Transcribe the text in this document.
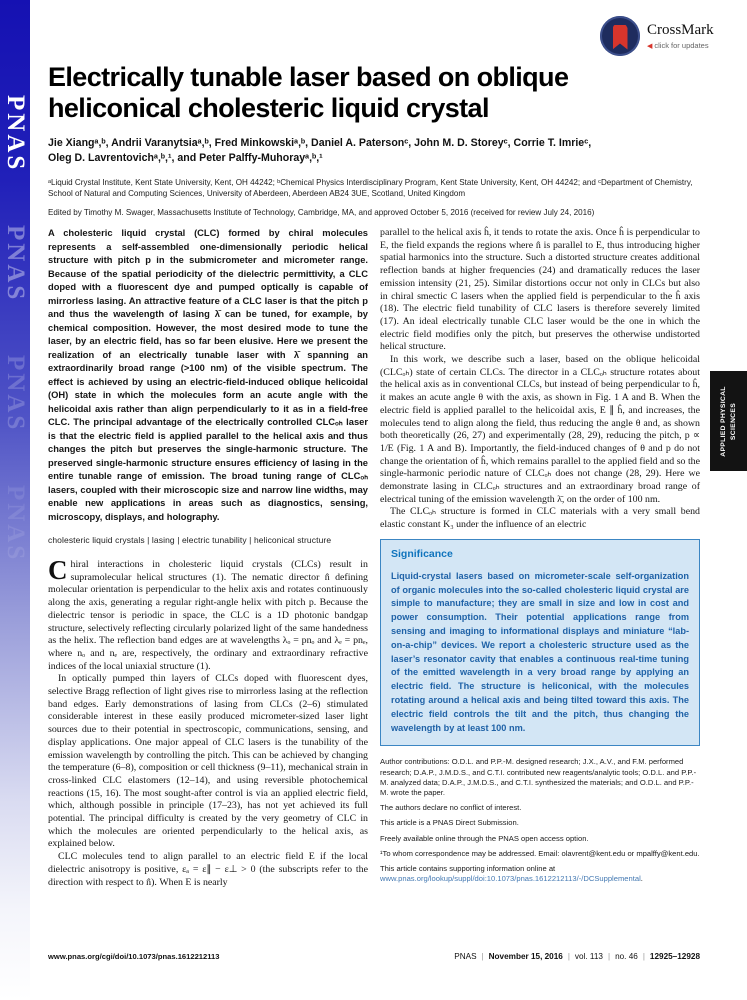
PNAS
PNAS
PNAS
PNAS
APPLIED PHYSICAL SCIENCES
CrossMark
◀ click for updates
Electrically tunable laser based on oblique heliconical cholesteric liquid crystal
Jie Xiangᵃ,ᵇ, Andrii Varanytsiaᵃ,ᵇ, Fred Minkowskiᵃ,ᵇ, Daniel A. Patersonᶜ, John M. D. Storeyᶜ, Corrie T. Imrieᶜ,
Oleg D. Lavrentovichᵃ,ᵇ,¹, and Peter Palffy-Muhorayᵃ,ᵇ,¹
ᵃLiquid Crystal Institute, Kent State University, Kent, OH 44242; ᵇChemical Physics Interdisciplinary Program, Kent State University, Kent, OH 44242; and ᶜDepartment of Chemistry, School of Natural and Computing Sciences, University of Aberdeen, Aberdeen AB24 3UE, Scotland, United Kingdom
Edited by Timothy M. Swager, Massachusetts Institute of Technology, Cambridge, MA, and approved October 5, 2016 (received for review July 24, 2016)

A cholesteric liquid crystal (CLC) formed by chiral molecules represents a self-assembled one-dimensionally periodic helical structure with pitch p in the submicrometer and micrometer range. Because of the spatial periodicity of the dielectric permittivity, a CLC doped with a fluorescent dye and pumped optically is capable of mirrorless lasing. An attractive feature of a CLC laser is that the pitch p and thus the wavelength of lasing λ̄ can be tuned, for example, by chemical composition. However, the most desired mode to tune the laser, by an electric field, has so far been elusive. Here we present the realization of an electrically tunable laser with λ̄ spanning an extraordinarily broad range (>100 nm) of the visible spectrum. The effect is achieved by using an electric-field-induced oblique helicoidal (OH) state in which the molecules form an acute angle with the helicoidal axis rather than align perpendicularly to it as in a field-free CLC. The principal advantage of the electrically controlled CLCₒₕ laser is that the electric field is applied parallel to the helical axis and thus changes the pitch but preserves the single-harmonic structure. The preserved single-harmonic structure ensures efficiency of lasing in the entire tunable range of emission. The broad tuning range of CLCₒₕ lasers, coupled with their microscopic size and narrow line widths, may enable new applications in areas such as diagnostics, sensing, microscopy, displays, and holography.

cholesteric liquid crystals | lasing | electric tunability | heliconical structure

Chiral interactions in cholesteric liquid crystals (CLCs) result in supramolecular helical structures (1). The nematic director n̂ defining molecular orientation is perpendicular to the helix axis and rotates continuously along the axis, generating a regular right-angle helix with pitch p. Because the dielectric tensor is periodic in space, the CLC is a 1D photonic bandgap structure, selectively reflecting circularly polarized light of the same handedness as the helix. The reflection band edges are at wavelengths λₒ = pnₒ and λₑ = pnₑ, where nₒ and nₑ are, respectively, the ordinary and extraordinary refractive indices of the local uniaxial structure (1).

In optically pumped thin layers of CLCs doped with fluorescent dyes, selective Bragg reflection of light gives rise to mirrorless lasing at the reflection band edges. Early demonstrations of lasing from CLCs (2–6) stimulated considerable interest in these easily produced micrometer-sized laser light sources due to their potential in spectroscopic, communications, sensing, and display applications. One major appeal of CLC lasers is the tunability of the emission wavelength by controlling the pitch. This can be achieved by changing the temperature (6–8), composition or cell thickness (9–11), mechanical strain in cross-linked CLC elastomers (12–14), and using reversible photochemical reactions (15, 16). The most sought-after control is via an applied electric field, which, although possible in principle (17–23), has not yet achieved its full potential. The principal difficulty is created by the very geometry of CLC in which the molecules are oriented perpendicularly to the helical axis, as explained below.

CLC molecules tend to align parallel to an electric field E if the local dielectric anisotropy is positive, εₐ = ε∥ − ε⊥ > 0 (the subscripts refer to the direction with respect to n̂). When E is nearly

parallel to the helical axis ĥ, it tends to rotate the axis. Once ĥ is perpendicular to E, the field expands the regions where n̂ is parallel to E, thus introducing higher spatial harmonics into the structure. Such a distorted structure creates additional reflection bands at higher frequencies (24) and dramatically reduces the laser emission intensity (21, 25). Similar distortions occur not only in CLCs but also in chiral smectic C lasers when the applied field is perpendicular to the ĥ axis (18). The electric field tunability of CLC lasers is therefore severely limited (17). An ideal electrically tunable CLC laser would be the one in which the electric field modifies only the pitch, but preserves the otherwise undistorted helical structure.

In this work, we describe such a laser, based on the oblique helicoidal (CLCₒₕ) state of certain CLCs. The director in a CLCₒₕ structure rotates about the helical axis as in conventional CLCs, but instead of being perpendicular to ĥ, it makes an acute angle θ with the axis, as shown in Fig. 1 A and B. When the electric field is applied parallel to the helicoidal axis, E ∥ ĥ, and increases, the molecules tend to align along the field, thus reducing the angle θ and, as shown both theoretically (26, 27) and experimentally (28, 29), reducing the pitch, p ∝ 1/E (Fig. 1 A and B). Importantly, the field-induced changes of θ and p do not change the orientation of ĥ, which remains parallel to the applied field and so the single-harmonic periodic nature of CLCₒₕ does not change (28, 29). Here we demonstrate lasing in CLCₒₕ structures and an extraordinary broad range of electrical tuning of the emission wavelength λ̄, on the order of 100 nm.

The CLCₒₕ structure is formed in CLC materials with a very small bend elastic constant K₃ under the influence of an electric

Significance

Liquid-crystal lasers based on micrometer-scale self-organization of organic molecules into the so-called cholesteric liquid crystal are simple to manufacture; they are small in size and low in cost and power consumption. Their potential applications range from sensing and imaging to informational displays and miniature “lab-on-a-chip” devices. We report a cholesteric structure used as the laser’s resonator cavity that enables a continuous real-time tuning of the emitted wavelength in a very broad range by applying an electric field. The structure is heliconical, with the molecules rotating around a helical axis and being tilted toward this axis. The electric field controls the tilt and the pitch, thus changing the wavelength by at least 100 nm.

Author contributions: O.D.L. and P.P.-M. designed research; J.X., A.V., and F.M. performed research; D.A.P., J.M.D.S., and C.T.I. contributed new reagents/analytic tools; O.D.L. and P.P.-M. analyzed data; D.A.P., J.M.D.S., and C.T.I. synthesized the materials; and O.D.L. and P.P.-M. wrote the paper.

The authors declare no conflict of interest.

This article is a PNAS Direct Submission.

Freely available online through the PNAS open access option.

¹To whom correspondence may be addressed. Email: olavrent@kent.edu or mpalffy@kent.edu.

This article contains supporting information online at www.pnas.org/lookup/suppl/doi:10.1073/pnas.1612212113/-/DCSupplemental.

www.pnas.org/cgi/doi/10.1073/pnas.1612212113	PNAS | November 15, 2016 | vol. 113 | no. 46 | 12925–12928
